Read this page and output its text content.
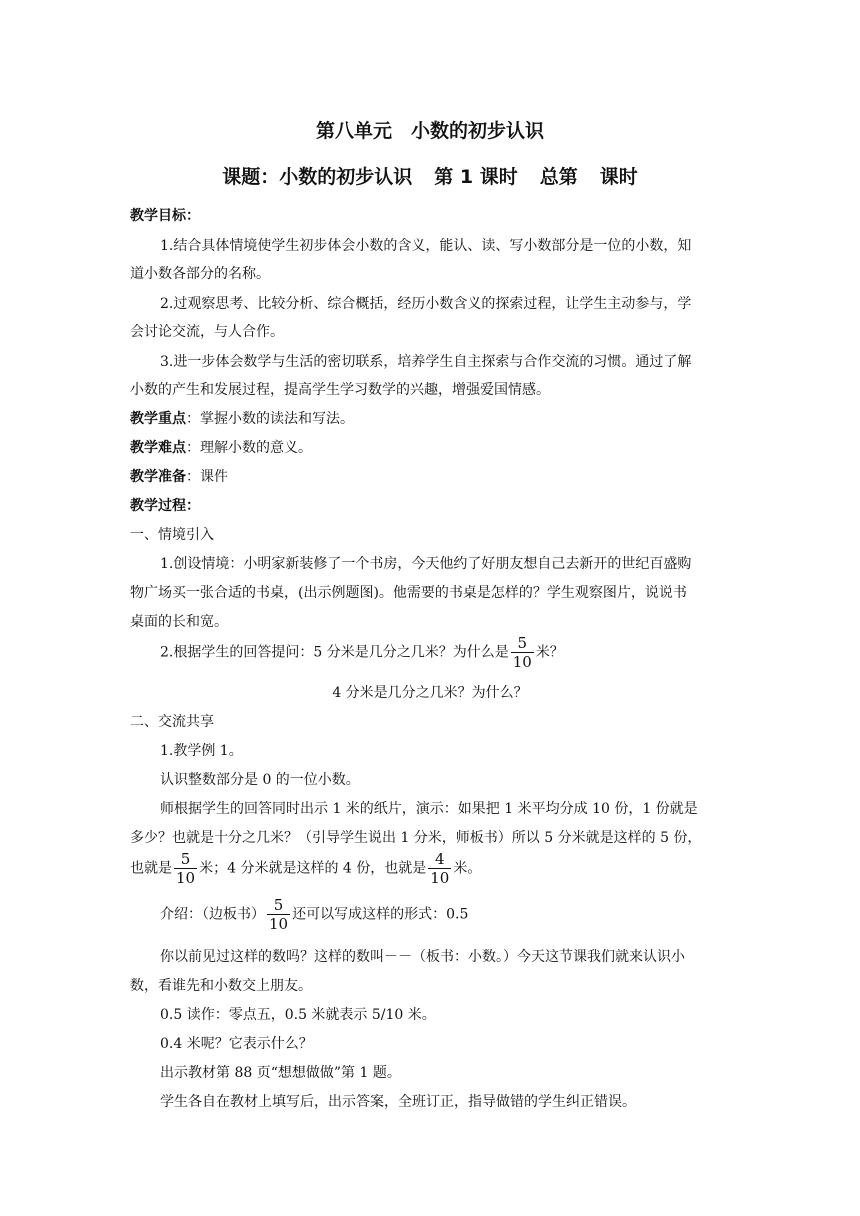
第八单元　小数的初步认识
课题：小数的初步认识 第 1 课时 总第 课时
教学目标：
1.结合具体情境使学生初步体会小数的含义，能认、读、写小数部分是一位的小数，知
道小数各部分的名称。
2.过观察思考、比较分析、综合概括，经历小数含义的探索过程，让学生主动参与，学
会讨论交流，与人合作。
3.进一步体会数学与生活的密切联系，培养学生自主探索与合作交流的习惯。通过了解
小数的产生和发展过程，提高学生学习数学的兴趣，增强爱国情感。
教学重点：掌握小数的读法和写法。
教学难点：理解小数的意义。
教学准备：课件
教学过程：
一、情境引入
1.创设情境：小明家新装修了一个书房，今天他约了好朋友想自己去新开的世纪百盛购
物广场买一张合适的书桌，(出示例题图)。他需要的书桌是怎样的？学生观察图片，说说书
桌面的长和宽。
2.根据学生的回答提问：5 分米是几分之几米？为什么是 $\frac{5}{10}$ 米？
4 分米是几分之几米？为什么？
二、交流共享
1.教学例 1。
认识整数部分是 0 的一位小数。
师根据学生的回答同时出示 1 米的纸片，演示：如果把 1 米平均分成 10 份，1 份就是
多少？也就是十分之几米？（引导学生说出 1 分米，师板书）所以 5 分米就是这样的 5 份，
也就是 $\frac{5}{10}$ 米；4 分米就是这样的 4 份，也就是 $\frac{4}{10}$ 米。
介绍：（边板书） $\frac{5}{10}$ 还可以写成这样的形式：0.5
你以前见过这样的数吗？这样的数叫－－（板书：小数。）今天这节课我们就来认识小
数，看谁先和小数交上朋友。
0.5 读作：零点五，0.5 米就表示 5/10 米。
0.4 米呢？它表示什么？
出示教材第 88 页“想想做做”第 1 题。
学生各自在教材上填写后，出示答案，全班订正，指导做错的学生纠正错误。
